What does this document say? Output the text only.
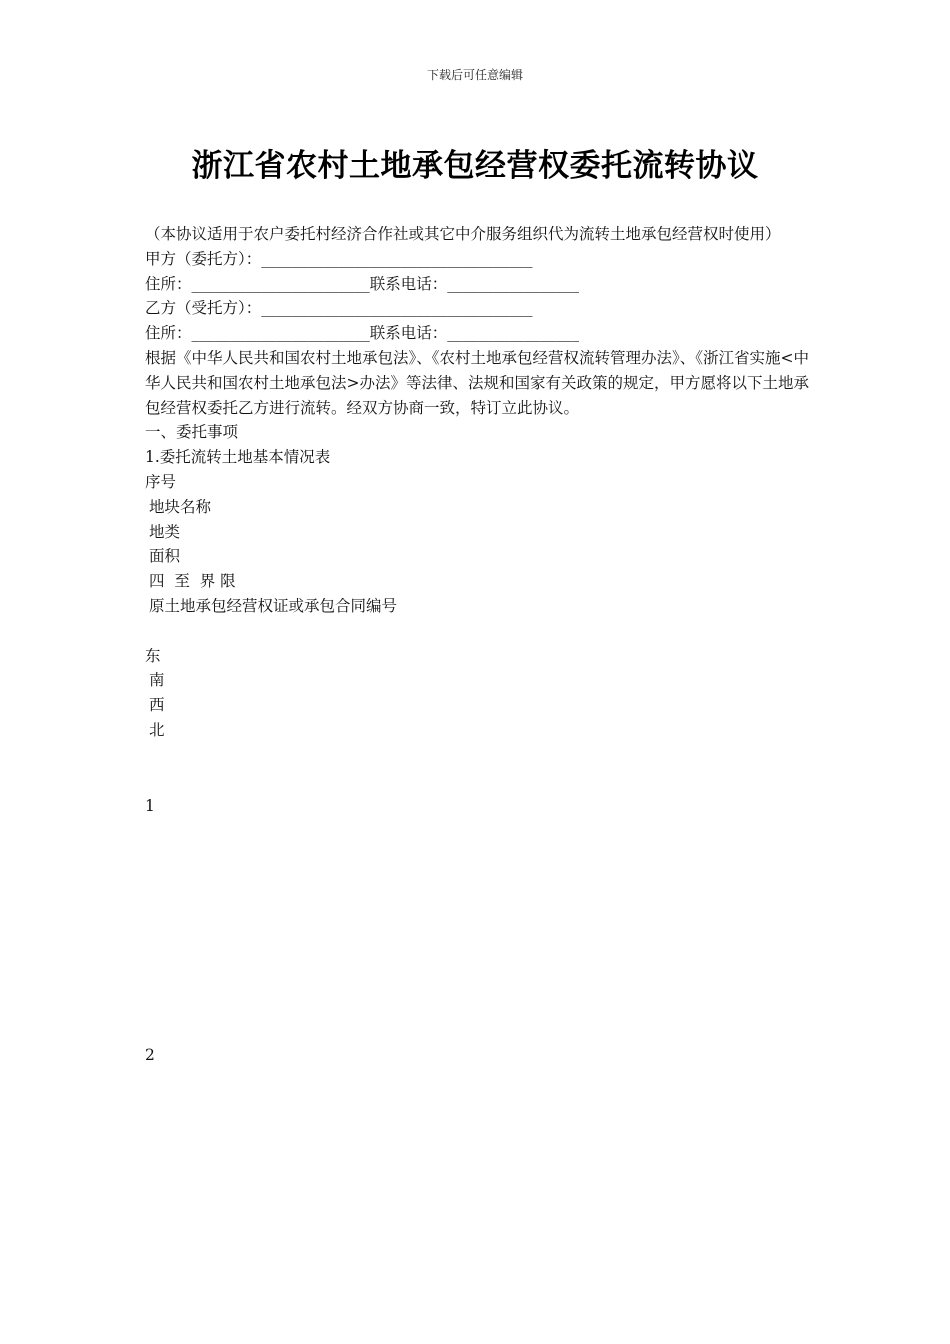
下载后可任意编辑
浙江省农村土地承包经营权委托流转协议
（本协议适用于农户委托村经济合作社或其它中介服务组织代为流转土地承包经营权时使用）
甲方（委托方）：___________________________________
住所：_______________________联系电话：_________________
乙方（受托方）：___________________________________
住所：_______________________联系电话：_________________
根据《中华人民共和国农村土地承包法》、《农村土地承包经营权流转管理办法》、《浙江省实施<中华人民共和国农村土地承包法>办法》等法律、法规和国家有关政策的规定，甲方愿将以下土地承包经营权委托乙方进行流转。经双方协商一致，特订立此协议。
一、委托事项
1.委托流转土地基本情况表
序号
地块名称
地类
面积
四  至  界 限
原土地承包经营权证或承包合同编号
东
南
西
北
1
2
